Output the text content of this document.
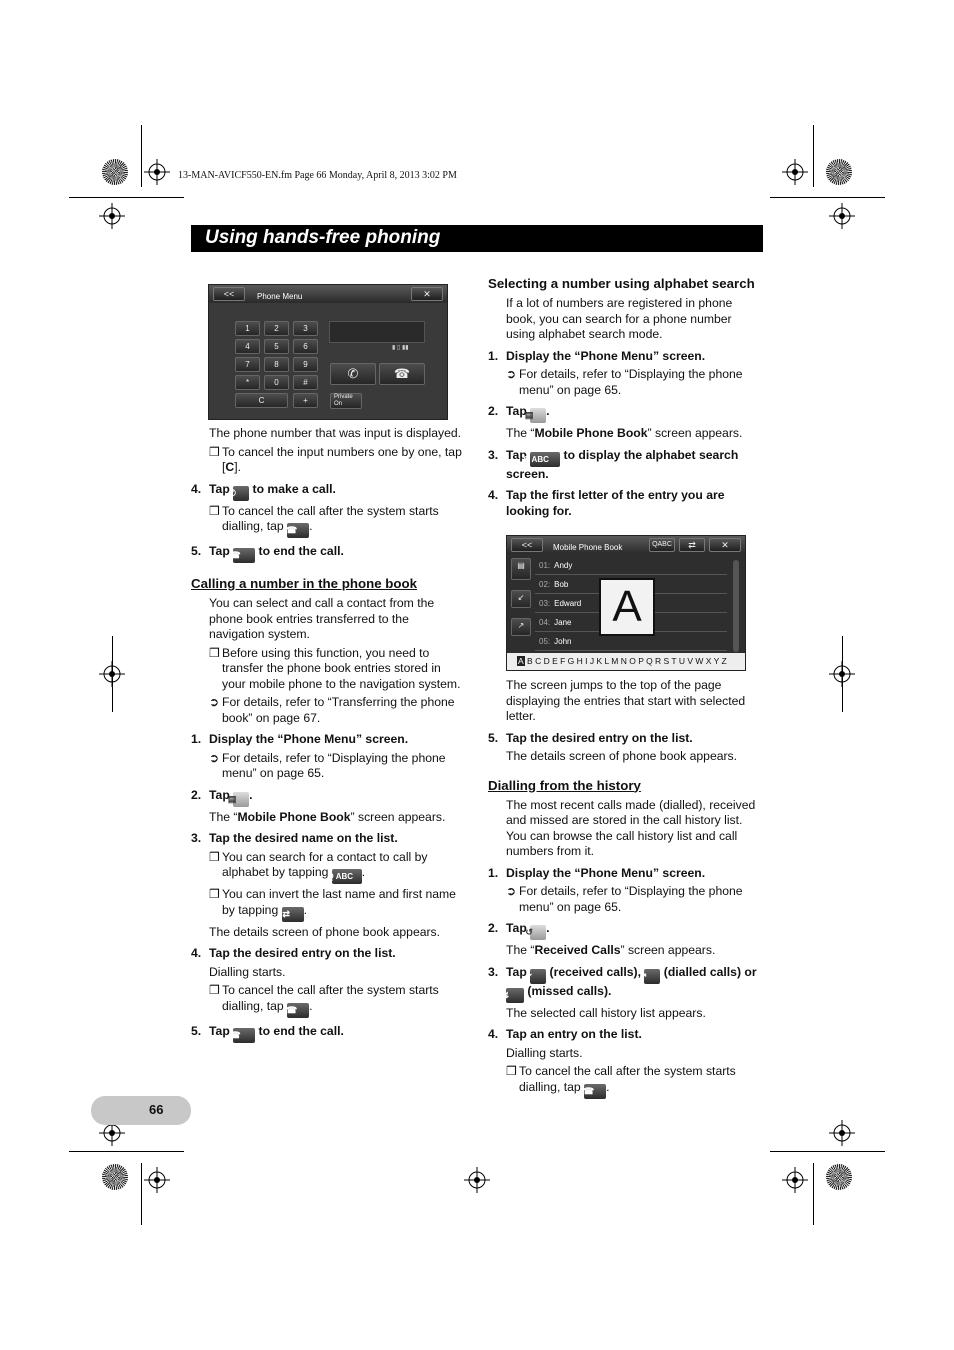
13-MAN-AVICF550-EN.fm Page 66 Monday, April 8, 2013 3:02 PM
Using hands-free phoning
<<	Phone Menu	✕
1	2	3
4	5	6
7	8	9
*	0	#
C	+
▮ ▯ ▮▮
✆	☎
Private
On
<<	Mobile Phone Book	QABC	⇄	✕
▤
↙
↗
01: Andy
02: Bob
03: Edward
04: Jane
05: John
A
A B C D E F G H I J K L M N O P Q R S T U V W X Y Z
The phone number that was input is displayed.
❒ To cancel the input numbers one by one, tap [C].
4. Tap ✆ to make a call.
❒ To cancel the call after the system starts dialling, tap ☎ .
5. Tap ☎ to end the call.
Calling a number in the phone book
You can select and call a contact from the phone book entries transferred to the navigation system.
❒ Before using this function, you need to transfer the phone book entries stored in your mobile phone to the navigation system.
➲ For details, refer to “Transferring the phone book” on page 67.
1. Display the “Phone Menu” screen.
➲ For details, refer to “Displaying the phone menu” on page 65.
2. Tap ▤ .
The “Mobile Phone Book” screen appears.
3. Tap the desired name on the list.
❒ You can search for a contact to call by alphabet by tapping Q ABC .
❒ You can invert the last name and first name by tapping ⇄ .
The details screen of phone book appears.
4. Tap the desired entry on the list.
Dialling starts.
❒ To cancel the call after the system starts dialling, tap ☎ .
5. Tap ☎ to end the call.
Selecting a number using alphabet search
If a lot of numbers are registered in phone book, you can search for a phone number using alphabet search mode.
1. Display the “Phone Menu” screen.
➲ For details, refer to “Displaying the phone menu” on page 65.
2. Tap ▤ .
The “Mobile Phone Book” screen appears.
3. Tap Q ABC to display the alphabet search screen.
4. Tap the first letter of the entry you are looking for.
The screen jumps to the top of the page displaying the entries that start with selected letter.
5. Tap the desired entry on the list.
The details screen of phone book appears.
Dialling from the history
The most recent calls made (dialled), received and missed are stored in the call history list. You can browse the call history list and call numbers from it.
1. Display the “Phone Menu” screen.
➲ For details, refer to “Displaying the phone menu” on page 65.
2. Tap ↺ .
The “Received Calls” screen appears.
3. Tap ↙ (received calls), ↗ (dialled calls) or ↯ (missed calls).
The selected call history list appears.
4. Tap an entry on the list.
Dialling starts.
❒ To cancel the call after the system starts dialling, tap ☎ .
66
